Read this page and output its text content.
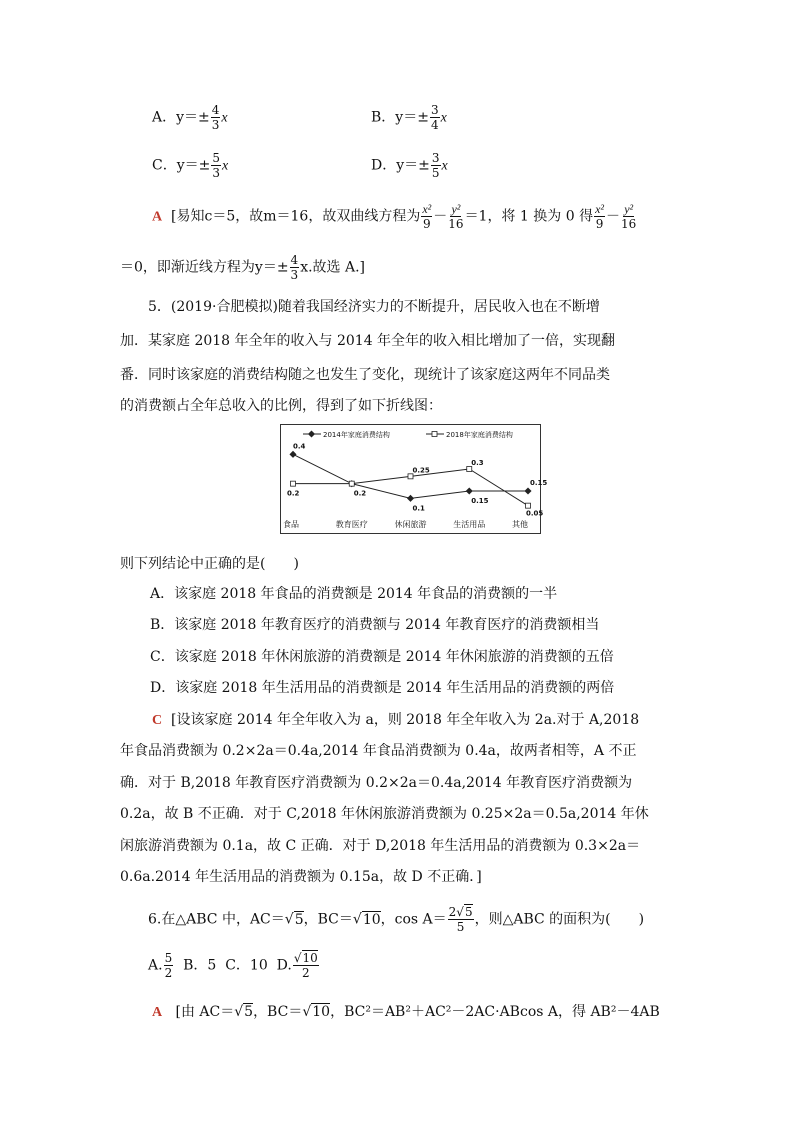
A．$y=\pm \frac{4}{3}$ x	B．$y=\pm \frac{3}{4}$ x
C．$y=\pm \frac{5}{3}$ x	D．$y=\pm \frac{3}{5}$ x
A [易知c＝5，故m＝16，故双曲线方程为 $\frac{\text{x²}}{9} - \frac{\text{y²}}{16} =1$，将 1 换为 0 得 $\frac{\text{x²}}{9} - \frac{\text{y²}}{16}$
＝0，即渐近线方程为$y=\pm \frac{4}{3} x$.故选 A.]
5．(2019·合肥模拟)随着我国经济实力的不断提升，居民收入也在不断增
加．某家庭 2018 年全年的收入与 2014 年全年的收入相比增加了一倍，实现翻
番．同时该家庭的消费结构随之也发生了变化，现统计了该家庭这两年不同品类
的消费额占全年总收入的比例，得到了如下折线图：
2014年家庭消费结构	2018年家庭消费结构
0.4
0.2
0.1
0.15
0.15
0.2
0.25
0.3
0.05
食品	教育医疗	休闲旅游	生活用品	其他
则下列结论中正确的是(　　)
A．该家庭 2018 年食品的消费额是 2014 年食品的消费额的一半
B．该家庭 2018 年教育医疗的消费额与 2014 年教育医疗的消费额相当
C．该家庭 2018 年休闲旅游的消费额是 2014 年休闲旅游的消费额的五倍
D．该家庭 2018 年生活用品的消费额是 2014 年生活用品的消费额的两倍
C [设该家庭 2014 年全年收入为 a，则 2018 年全年收入为 2a.对于 A,2018
年食品消费额为 0.2×2a＝0.4a,2014 年食品消费额为 0.4a，故两者相等，A 不正
确．对于 B,2018 年教育医疗消费额为 0.2×2a＝0.4a,2014 年教育医疗消费额为
0.2a，故 B 不正确．对于 C,2018 年休闲旅游消费额为 0.25×2a＝0.5a,2014 年休
闲旅游消费额为 0.1a，故 C 正确．对于 D,2018 年生活用品的消费额为 0.3×2a＝
0.6a.2014 年生活用品的消费额为 0.15a，故 D 不正确．]
6.在△ABC 中，AC＝√5，BC＝√10，$\cos A= \frac{2√5}{5}$ ，则△ABC 的面积为(　　)
A. $\frac{5}{2}$ B．5 C．10 D. $\frac{√10}{2}$
A [由 AC＝√5，BC＝√10，BC²＝AB²＋AC²－2AC·ABcos A，得 AB²－4AB
